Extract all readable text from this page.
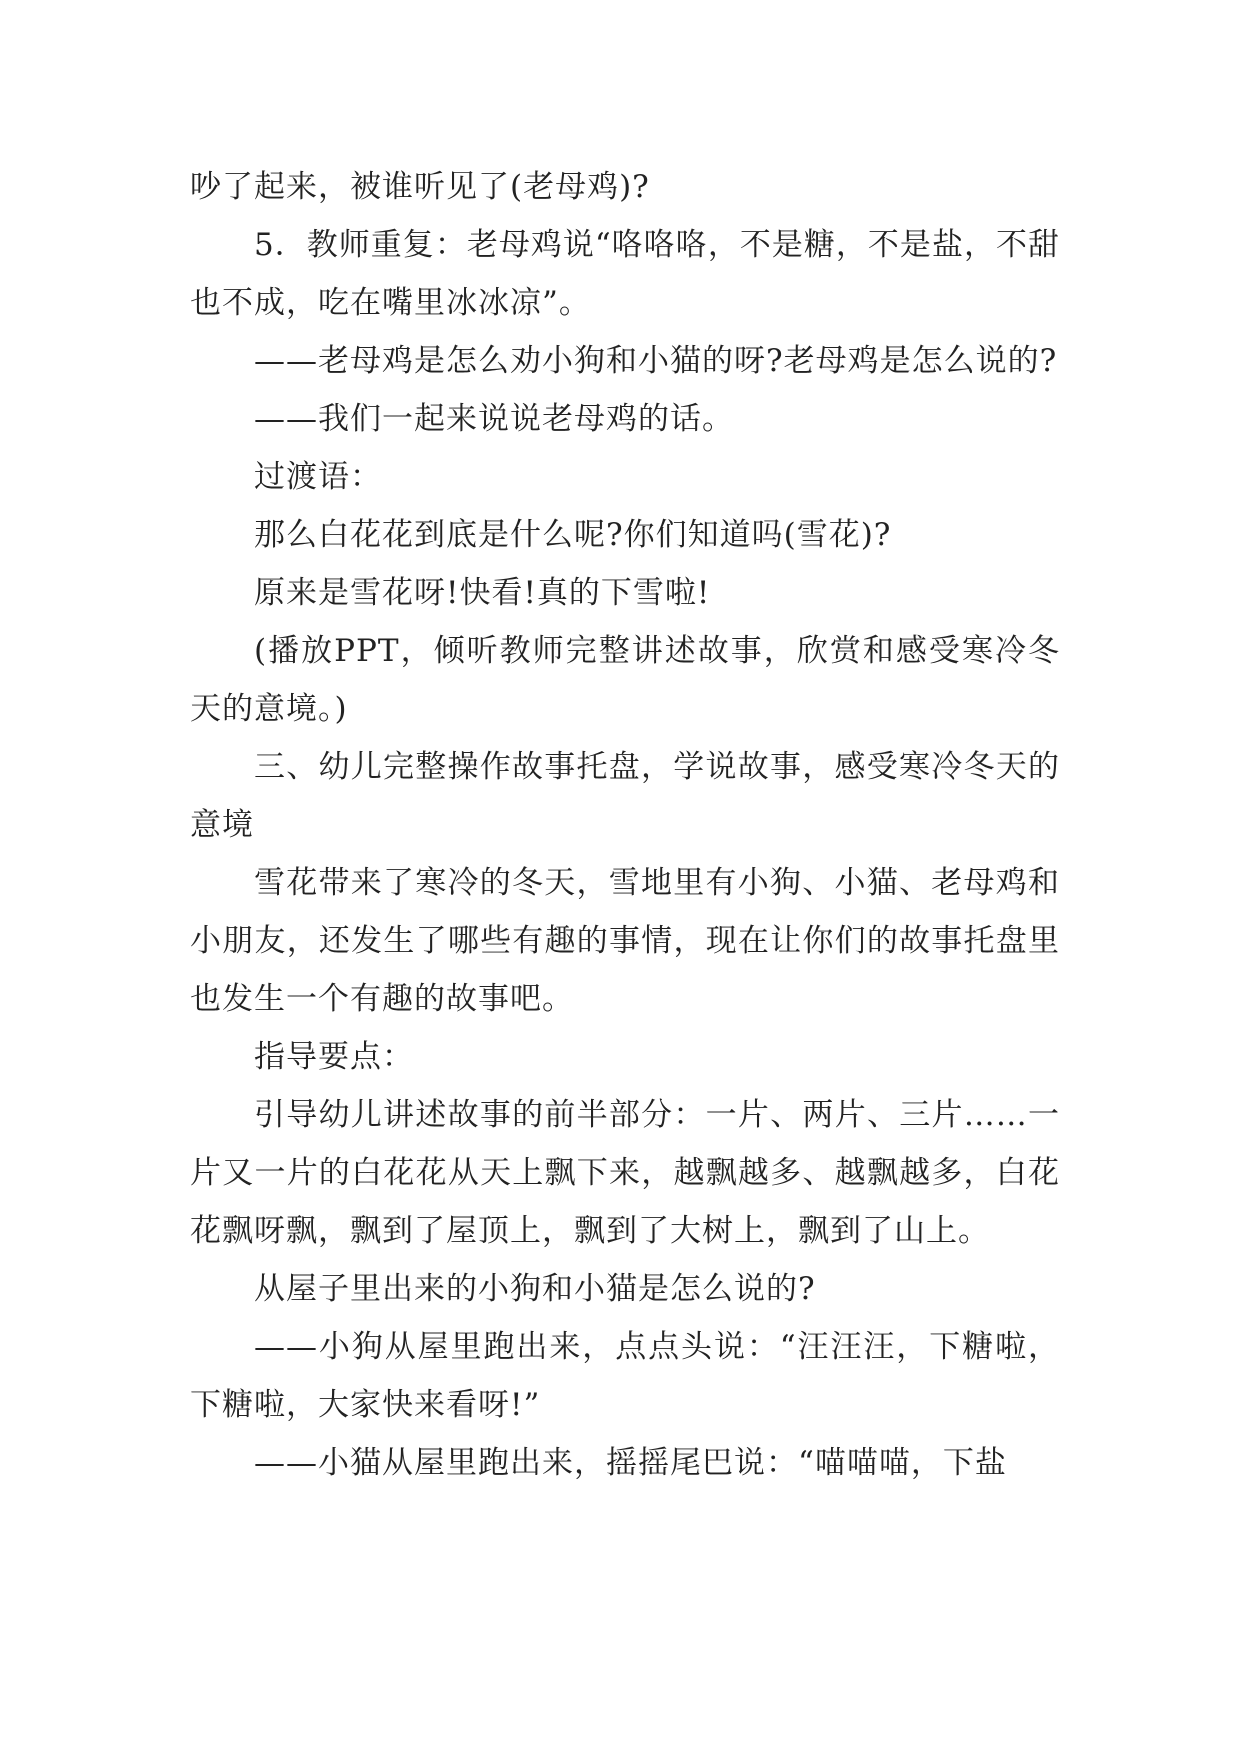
吵了起来，被谁听见了(老母鸡)?

5．教师重复：老母鸡说“咯咯咯，不是糖，不是盐，不甜也不成，吃在嘴里冰冰凉”。

——老母鸡是怎么劝小狗和小猫的呀?老母鸡是怎么说的?

——我们一起来说说老母鸡的话。

过渡语：

那么白花花到底是什么呢?你们知道吗(雪花)?

原来是雪花呀!快看!真的下雪啦!

(播放PPT，倾听教师完整讲述故事，欣赏和感受寒冷冬天的意境。)

三、幼儿完整操作故事托盘，学说故事，感受寒冷冬天的意境

雪花带来了寒冷的冬天，雪地里有小狗、小猫、老母鸡和小朋友，还发生了哪些有趣的事情，现在让你们的故事托盘里也发生一个有趣的故事吧。

指导要点：

引导幼儿讲述故事的前半部分：一片、两片、三片……一片又一片的白花花从天上飘下来，越飘越多、越飘越多，白花花飘呀飘，飘到了屋顶上，飘到了大树上，飘到了山上。

从屋子里出来的小狗和小猫是怎么说的?

——小狗从屋里跑出来，点点头说：“汪汪汪，下糖啦，下糖啦，大家快来看呀!”

——小猫从屋里跑出来，摇摇尾巴说：“喵喵喵，下盐
